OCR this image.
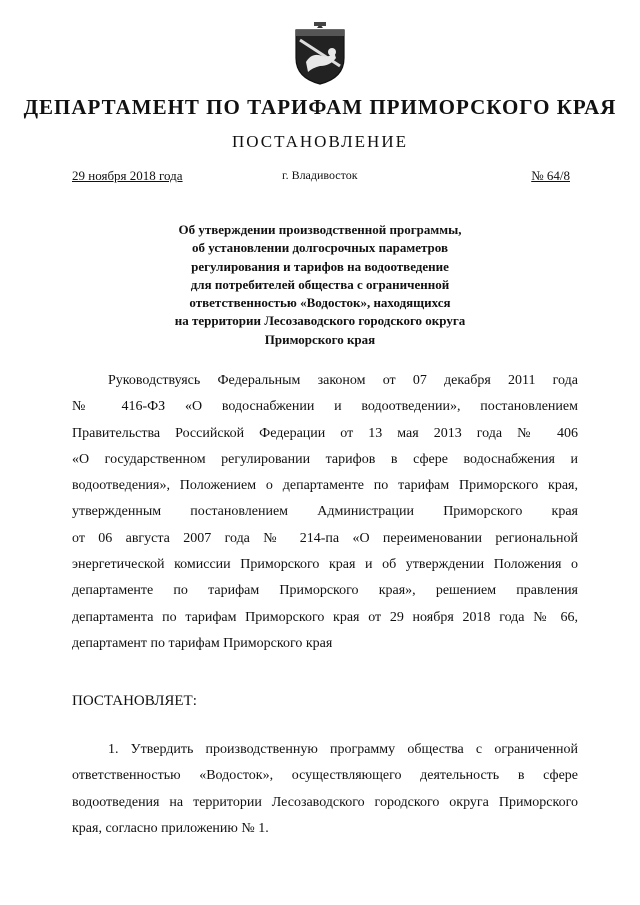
ДЕПАРТАМЕНТ ПО ТАРИФАМ ПРИМОРСКОГО КРАЯ
ПОСТАНОВЛЕНИЕ
29 ноября 2018 года	г. Владивосток	№ 64/8
Об утверждении производственной программы,
об установлении долгосрочных параметров
регулирования и тарифов на водоотведение
для потребителей общества с ограниченной
ответственностью «Водосток», находящихся
на территории Лесозаводского городского округа
Приморского края
Руководствуясь Федеральным законом от 07 декабря 2011 года
№ 416-ФЗ «О водоснабжении и водоотведении», постановлением
Правительства Российской Федерации от 13 мая 2013 года № 406
«О государственном регулировании тарифов в сфере водоснабжения и
водоотведения», Положением о департаменте по тарифам Приморского края,
утвержденным постановлением Администрации Приморского края
от 06 августа 2007 года № 214-па «О переименовании региональной
энергетической комиссии Приморского края и об утверждении Положения о
департаменте по тарифам Приморского края», решением правления
департамента по тарифам Приморского края от 29 ноября 2018 года № 66,
департамент по тарифам Приморского края
ПОСТАНОВЛЯЕТ:
1. Утвердить производственную программу общества с ограниченной
ответственностью «Водосток», осуществляющего деятельность в сфере
водоотведения на территории Лесозаводского городского округа Приморского
края, согласно приложению № 1.
